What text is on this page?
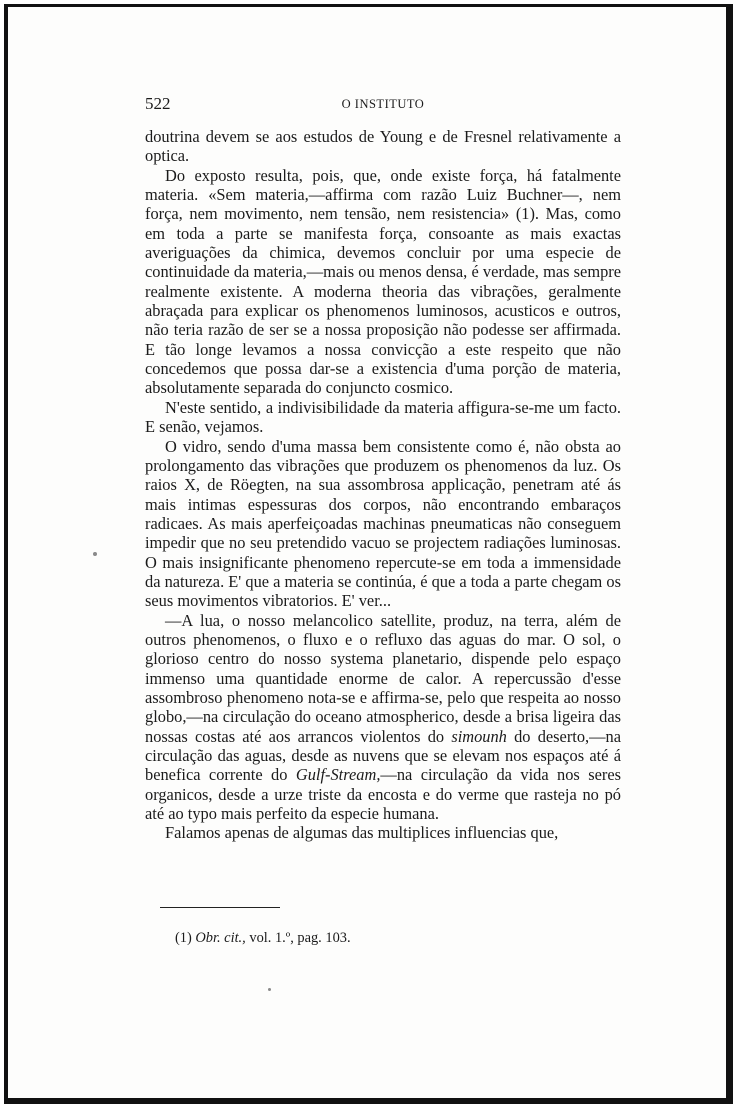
522	O INSTITUTO

doutrina devem se aos estudos de Young e de Fresnel relativamente a optica.

Do exposto resulta, pois, que, onde existe força, há fatalmente materia. «Sem materia,—affirma com razão Luiz Buchner—, nem força, nem movimento, nem tensão, nem resistencia» (1). Mas, como em toda a parte se manifesta força, consoante as mais exactas averiguações da chimica, devemos concluir por uma especie de continuidade da materia,—mais ou menos densa, é verdade, mas sempre realmente existente. A moderna theoria das vibrações, geralmente abraçada para explicar os phenomenos luminosos, acusticos e outros, não teria razão de ser se a nossa proposição não podesse ser affirmada. E tão longe levamos a nossa convicção a este respeito que não concedemos que possa dar-se a existencia d'uma porção de materia, absolutamente separada do conjuncto cosmico.

N'este sentido, a indivisibilidade da materia affigura-se-me um facto. E senão, vejamos.

O vidro, sendo d'uma massa bem consistente como é, não obsta ao prolongamento das vibrações que produzem os phenomenos da luz. Os raios X, de Röegten, na sua assombrosa applicação, penetram até ás mais intimas espessuras dos corpos, não encontrando embaraços radicaes. As mais aperfeiçoadas machinas pneumaticas não conseguem impedir que no seu pretendido vacuo se projectem radiações luminosas. O mais insignificante phenomeno repercute-se em toda a immensidade da natureza. E' que a materia se continúa, é que a toda a parte chegam os seus movimentos vibratorios. E' ver...

—A lua, o nosso melancolico satellite, produz, na terra, além de outros phenomenos, o fluxo e o refluxo das aguas do mar. O sol, o glorioso centro do nosso systema planetario, dispende pelo espaço immenso uma quantidade enorme de calor. A repercussão d'esse assombroso phenomeno nota-se e affirma-se, pelo que respeita ao nosso globo,—na circulação do oceano atmospherico, desde a brisa ligeira das nossas costas até aos arrancos violentos do simounh do deserto,—na circulação das aguas, desde as nuvens que se elevam nos espaços até á benefica corrente do Gulf-Stream,—na circulação da vida nos seres organicos, desde a urze triste da encosta e do verme que rasteja no pó até ao typo mais perfeito da especie humana.

Falamos apenas de algumas das multiplices influencias que,

(1) Obr. cit., vol. 1.º, pag. 103.
